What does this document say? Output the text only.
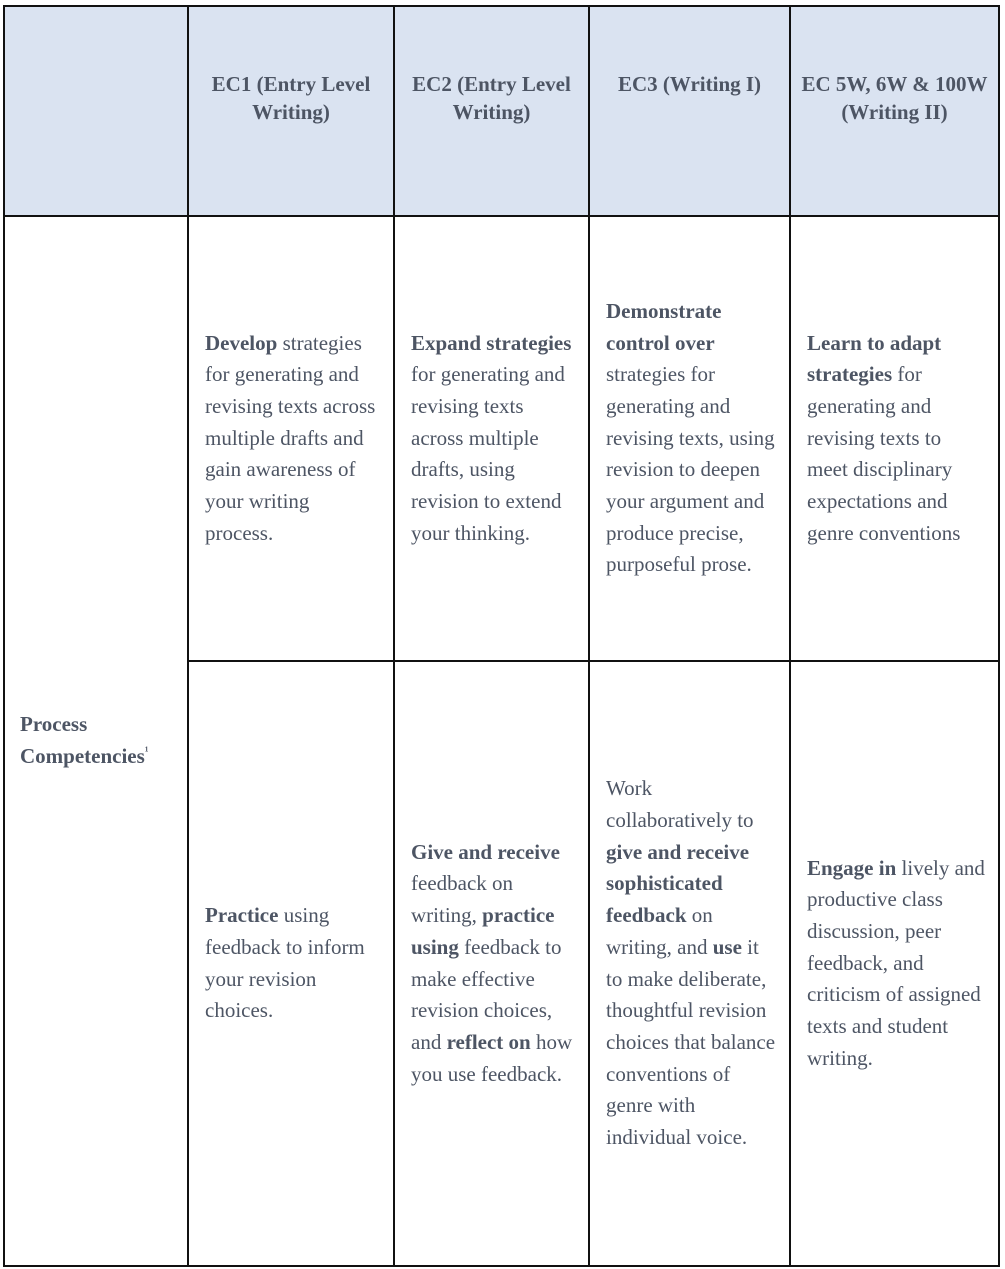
	EC1 (Entry Level Writing)	EC2 (Entry Level Writing)	EC3 (Writing I)	EC 5W, 6W & 100W (Writing II)
Process Competencies$^{^1}$	Develop strategies for generating and revising texts across multiple drafts and gain awareness of your writing process.	Expand strategies for generating and revising texts across multiple drafts, using revision to extend your thinking.	Demonstrate control over strategies for generating and revising texts, using revision to deepen your argument and produce precise, purposeful prose.	Learn to adapt strategies for generating and revising texts to meet disciplinary expectations and genre conventions
	Practice using feedback to inform your revision choices.	Give and receive feedback on writing, practice using feedback to make effective revision choices, and reflect on how you use feedback.	Work collaboratively to give and receive sophisticated feedback on writing, and use it to make deliberate, thoughtful revision choices that balance conventions of genre with individual voice.	Engage in lively and productive class discussion, peer feedback, and criticism of assigned texts and student writing.
